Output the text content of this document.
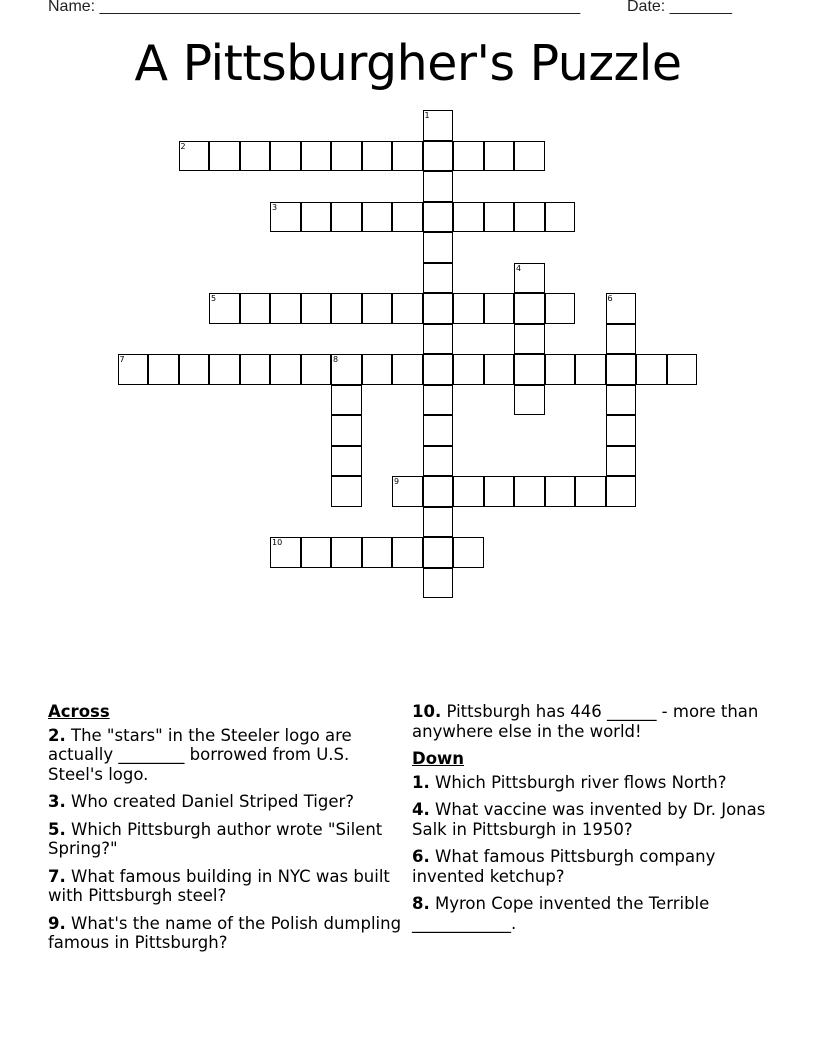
Name: ______________________________________________________	Date: _______
A Pittsburgher's Puzzle
1
2
3
4
5	6
7	8
9
10
Across
2. The "stars" in the Steeler logo are actually ________ borrowed from U.S. Steel's logo.
3. Who created Daniel Striped Tiger?
5. Which Pittsburgh author wrote "Silent Spring?"
7. What famous building in NYC was built with Pittsburgh steel?
9. What's the name of the Polish dumpling famous in Pittsburgh?
10. Pittsburgh has 446 ______ - more than anywhere else in the world!
Down
1. Which Pittsburgh river flows North?
4. What vaccine was invented by Dr. Jonas Salk in Pittsburgh in 1950?
6. What famous Pittsburgh company invented ketchup?
8. Myron Cope invented the Terrible ____________.
